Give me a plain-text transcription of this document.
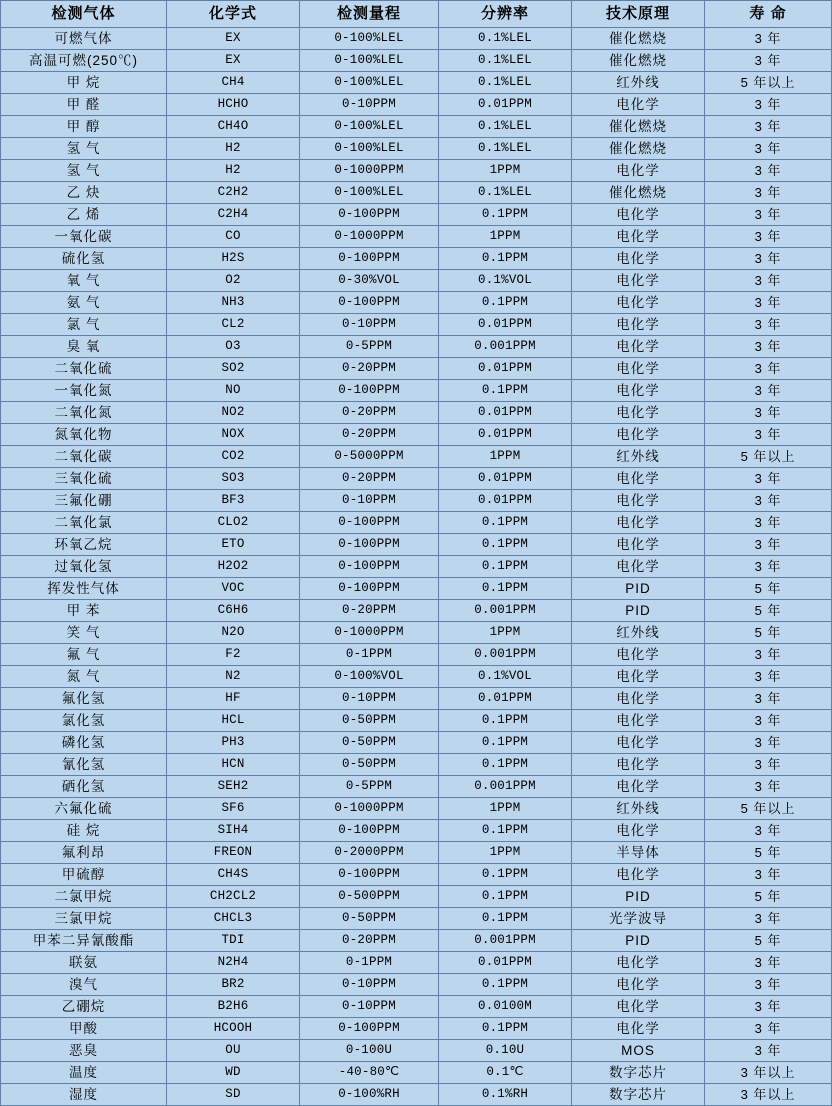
检测气体	化学式	检测量程	分辨率	技术原理	寿 命
可燃气体	EX	0-100%LEL	0.1%LEL	催化燃烧	3 年
高温可燃(250℃)	EX	0-100%LEL	0.1%LEL	催化燃烧	3 年
甲 烷	CH4	0-100%LEL	0.1%LEL	红外线	5 年以上
甲 醛	HCHO	0-10PPM	0.01PPM	电化学	3 年
甲 醇	CH4O	0-100%LEL	0.1%LEL	催化燃烧	3 年
氢 气	H2	0-100%LEL	0.1%LEL	催化燃烧	3 年
氢 气	H2	0-1000PPM	1PPM	电化学	3 年
乙 炔	C2H2	0-100%LEL	0.1%LEL	催化燃烧	3 年
乙 烯	C2H4	0-100PPM	0.1PPM	电化学	3 年
一氧化碳	CO	0-1000PPM	1PPM	电化学	3 年
硫化氢	H2S	0-100PPM	0.1PPM	电化学	3 年
氧 气	O2	0-30%VOL	0.1%VOL	电化学	3 年
氨 气	NH3	0-100PPM	0.1PPM	电化学	3 年
氯 气	CL2	0-10PPM	0.01PPM	电化学	3 年
臭 氧	O3	0-5PPM	0.001PPM	电化学	3 年
二氧化硫	SO2	0-20PPM	0.01PPM	电化学	3 年
一氧化氮	NO	0-100PPM	0.1PPM	电化学	3 年
二氧化氮	NO2	0-20PPM	0.01PPM	电化学	3 年
氮氧化物	NOX	0-20PPM	0.01PPM	电化学	3 年
二氧化碳	CO2	0-5000PPM	1PPM	红外线	5 年以上
三氧化硫	SO3	0-20PPM	0.01PPM	电化学	3 年
三氟化硼	BF3	0-10PPM	0.01PPM	电化学	3 年
二氧化氯	CLO2	0-100PPM	0.1PPM	电化学	3 年
环氧乙烷	ETO	0-100PPM	0.1PPM	电化学	3 年
过氧化氢	H2O2	0-100PPM	0.1PPM	电化学	3 年
挥发性气体	VOC	0-100PPM	0.1PPM	PID	5 年
甲 苯	C6H6	0-20PPM	0.001PPM	PID	5 年
笑 气	N2O	0-1000PPM	1PPM	红外线	5 年
氟 气	F2	0-1PPM	0.001PPM	电化学	3 年
氮 气	N2	0-100%VOL	0.1%VOL	电化学	3 年
氟化氢	HF	0-10PPM	0.01PPM	电化学	3 年
氯化氢	HCL	0-50PPM	0.1PPM	电化学	3 年
磷化氢	PH3	0-50PPM	0.1PPM	电化学	3 年
氰化氢	HCN	0-50PPM	0.1PPM	电化学	3 年
硒化氢	SEH2	0-5PPM	0.001PPM	电化学	3 年
六氟化硫	SF6	0-1000PPM	1PPM	红外线	5 年以上
硅 烷	SIH4	0-100PPM	0.1PPM	电化学	3 年
氟利昂	FREON	0-2000PPM	1PPM	半导体	5 年
甲硫醇	CH4S	0-100PPM	0.1PPM	电化学	3 年
二氯甲烷	CH2CL2	0-500PPM	0.1PPM	PID	5 年
三氯甲烷	CHCL3	0-50PPM	0.1PPM	光学波导	3 年
甲苯二异氰酸酯	TDI	0-20PPM	0.001PPM	PID	5 年
联氨	N2H4	0-1PPM	0.01PPM	电化学	3 年
溴气	BR2	0-10PPM	0.1PPM	电化学	3 年
乙硼烷	B2H6	0-10PPM	0.0100M	电化学	3 年
甲酸	HCOOH	0-100PPM	0.1PPM	电化学	3 年
恶臭	OU	0-100U	0.10U	MOS	3 年
温度	WD	-40-80℃	0.1℃	数字芯片	3 年以上
湿度	SD	0-100%RH	0.1%RH	数字芯片	3 年以上
